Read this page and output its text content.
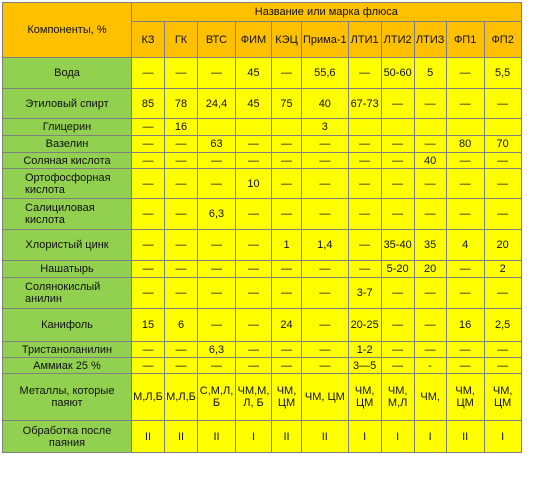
Компоненты, %	Название или марка флюса										

	КЗ	ГК	ВТС	ФИМ	КЭЦ	Прима-1	ЛТИ1	ЛТИ2	ЛТИЗ	ФП1	ФП2

Вода	—	—	—	45	—	55,6	—	50-60	5	—	5,5

Этиловый спирт	85	78	24,4	45	75	40	67-73	—	—	—	—

Глицерин	—	16				3					

Вазелин	—	—	63	—	—	—	—	—	—	80	70

Соляная кислота	—	—	—	—	—	—	—	—	40	—	—

Ортофосфорная кислота	—	—	—	10	—	—	—	—	—	—	—

Салициловая кислота	—	—	6,3	—	—	—	—	—	—	—	—

Хлористый цинк	—	—	—	—	1	1,4	—	35-40	35	4	20

Нашатырь	—	—	—	—	—	—	—	5-20	20	—	2

Солянокислый анилин	—	—	—	—	—	—	3-7	—	—	—	—

Канифоль	15	6	—	—	24	—	20-25	—	—	16	2,5

Тристаноланилин	—	—	6,3	—	—	—	1-2	—	—	—	—

Аммиак 25 %	—	—	—	—	—	—	3—5	—	-	—	—

Металлы, которые паяют	М,Л,Б	М,Л,Б	С,М,Л, Б	ЧМ,М, Л, Б	ЧМ, ЦМ	ЧМ, ЦМ	ЧМ, ЦМ	ЧМ, М,Л	ЧМ,	ЧМ, ЦМ	ЧМ, ЦМ

Обработка после паяния	II	II	II	I	II	II	I	I	I	II	I
